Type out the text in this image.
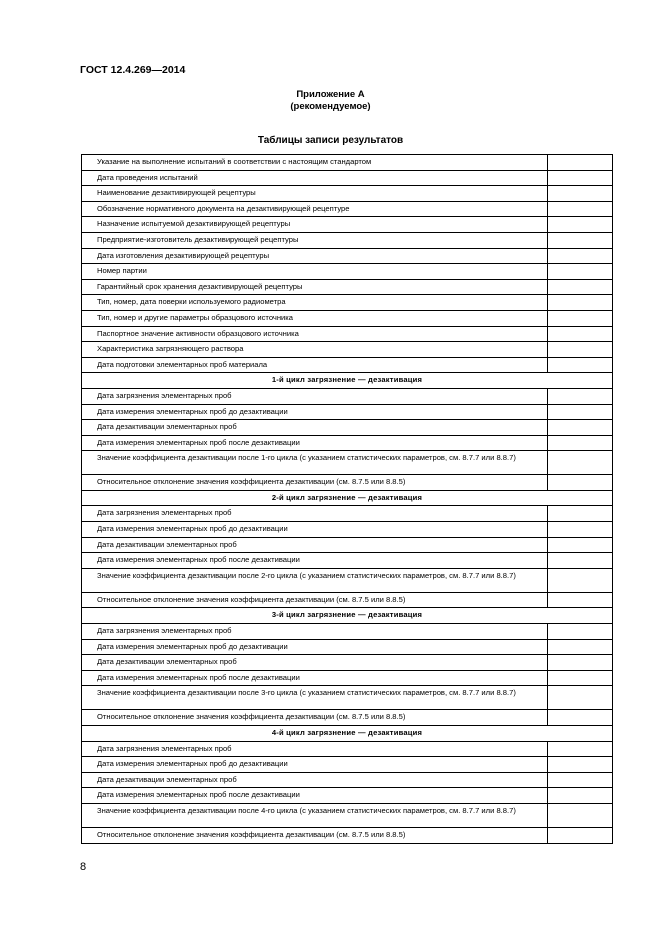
ГОСТ 12.4.269—2014
Приложение А
(рекомендуемое)
Таблицы записи результатов
Указание на выполнение испытаний в соответствии с настоящим стандартом	
Дата проведения испытаний	
Наименование дезактивирующей рецептуры	
Обозначение нормативного документа на дезактивирующей рецептуре	
Назначение испытуемой дезактивирующей рецептуры	
Предприятие-изготовитель дезактивирующей рецептуры	
Дата изготовления дезактивирующей рецептуры	
Номер партии	
Гарантийный срок хранения дезактивирующей рецептуры	
Тип, номер, дата поверки используемого радиометра	
Тип, номер и другие параметры образцового источника	
Паспортное значение активности образцового источника	
Характеристика загрязняющего раствора	
Дата подготовки элементарных проб материала	
1-й цикл загрязнение — дезактивация	
Дата загрязнения элементарных проб	
Дата измерения элементарных проб до дезактивации	
Дата дезактивации элементарных проб	
Дата измерения элементарных проб после дезактивации	
Значение коэффициента дезактивации после 1-го цикла (с указанием статистических параметров, см. 8.7.7 или 8.8.7)	
Относительное отклонение значения коэффициента дезактивации (см. 8.7.5 или 8.8.5)	
2-й цикл загрязнение — дезактивация	
Дата загрязнения элементарных проб	
Дата измерения элементарных проб до дезактивации	
Дата дезактивации элементарных проб	
Дата измерения элементарных проб после дезактивации	
Значение коэффициента дезактивации после 2-го цикла (с указанием статистических параметров, см. 8.7.7 или 8.8.7)	
Относительное отклонение значения коэффициента дезактивации (см. 8.7.5 или 8.8.5)	
3-й цикл загрязнение — дезактивация	
Дата загрязнения элементарных проб	
Дата измерения элементарных проб до дезактивации	
Дата дезактивации элементарных проб	
Дата измерения элементарных проб после дезактивации	
Значение коэффициента дезактивации после 3-го цикла (с указанием статистических параметров, см. 8.7.7 или 8.8.7)	
Относительное отклонение значения коэффициента дезактивации (см. 8.7.5 или 8.8.5)	
4-й цикл загрязнение — дезактивация	
Дата загрязнения элементарных проб	
Дата измерения элементарных проб до дезактивации	
Дата дезактивации элементарных проб	
Дата измерения элементарных проб после дезактивации	
Значение коэффициента дезактивации после 4-го цикла (с указанием статистических параметров, см. 8.7.7 или 8.8.7)	
Относительное отклонение значения коэффициента дезактивации (см. 8.7.5 или 8.8.5)	
8
